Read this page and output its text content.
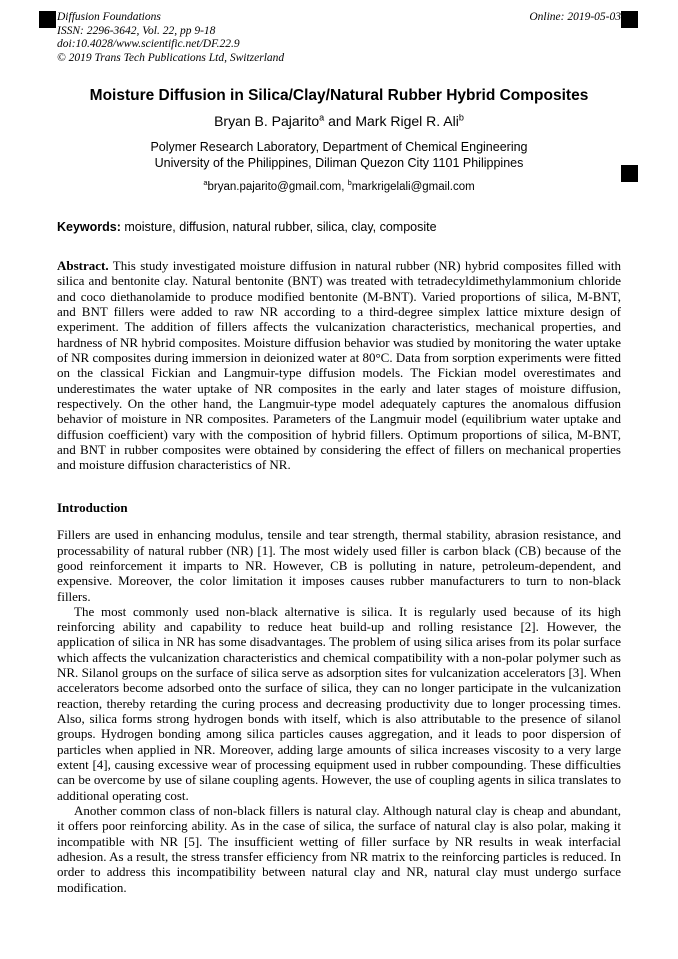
Diffusion Foundations
ISSN: 2296-3642, Vol. 22, pp 9-18
doi:10.4028/www.scientific.net/DF.22.9
© 2019 Trans Tech Publications Ltd, Switzerland
Online: 2019-05-03
Moisture Diffusion in Silica/Clay/Natural Rubber Hybrid Composites
Bryan B. Pajarito$^a$ and Mark Rigel R. Ali$^b$
Polymer Research Laboratory, Department of Chemical Engineering
University of the Philippines, Diliman Quezon City 1101 Philippines
$^a$bryan.pajarito@gmail.com, $^b$markrigelali@gmail.com
Keywords: moisture, diffusion, natural rubber, silica, clay, composite

Abstract. This study investigated moisture diffusion in natural rubber (NR) hybrid composites filled with silica and bentonite clay. Natural bentonite (BNT) was treated with tetradecyldimethylammonium chloride and coco diethanolamide to produce modified bentonite (M-BNT). Varied proportions of silica, M-BNT, and BNT fillers were added to raw NR according to a third-degree simplex lattice mixture design of experiment. The addition of fillers affects the vulcanization characteristics, mechanical properties, and hardness of NR hybrid composites. Moisture diffusion behavior was studied by monitoring the water uptake of NR composites during immersion in deionized water at 80°C. Data from sorption experiments were fitted on the classical Fickian and Langmuir-type diffusion models. The Fickian model overestimates and underestimates the water uptake of NR composites in the early and later stages of moisture diffusion, respectively. On the other hand, the Langmuir-type model adequately captures the anomalous diffusion behavior of moisture in NR composites. Parameters of the Langmuir model (equilibrium water uptake and diffusion coefficient) vary with the composition of hybrid fillers. Optimum proportions of silica, M-BNT, and BNT in rubber composites were obtained by considering the effect of fillers on mechanical properties and moisture diffusion characteristics of NR.

Introduction

Fillers are used in enhancing modulus, tensile and tear strength, thermal stability, abrasion resistance, and processability of natural rubber (NR) [1]. The most widely used filler is carbon black (CB) because of the good reinforcement it imparts to NR. However, CB is polluting in nature, petroleum-dependent, and expensive. Moreover, the color limitation it imposes causes rubber manufacturers to turn to non-black fillers.

The most commonly used non-black alternative is silica. It is regularly used because of its high reinforcing ability and capability to reduce heat build-up and rolling resistance [2]. However, the application of silica in NR has some disadvantages. The problem of using silica arises from its polar surface which affects the vulcanization characteristics and chemical compatibility with a non-polar polymer such as NR. Silanol groups on the surface of silica serve as adsorption sites for vulcanization accelerators [3]. When accelerators become adsorbed onto the surface of silica, they can no longer participate in the vulcanization reaction, thereby retarding the curing process and decreasing productivity due to longer processing times. Also, silica forms strong hydrogen bonds with itself, which is also attributable to the presence of silanol groups. Hydrogen bonding among silica particles causes aggregation, and it leads to poor dispersion of particles when applied in NR. Moreover, adding large amounts of silica increases viscosity to a very large extent [4], causing excessive wear of processing equipment used in rubber compounding. These difficulties can be overcome by use of silane coupling agents. However, the use of coupling agents in silica translates to additional operating cost.

Another common class of non-black fillers is natural clay. Although natural clay is cheap and abundant, it offers poor reinforcing ability. As in the case of silica, the surface of natural clay is also polar, making it incompatible with NR [5]. The insufficient wetting of filler surface by NR results in weak interfacial adhesion. As a result, the stress transfer efficiency from NR matrix to the reinforcing particles is reduced. In order to address this incompatibility between natural clay and NR, natural clay must undergo surface modification.
